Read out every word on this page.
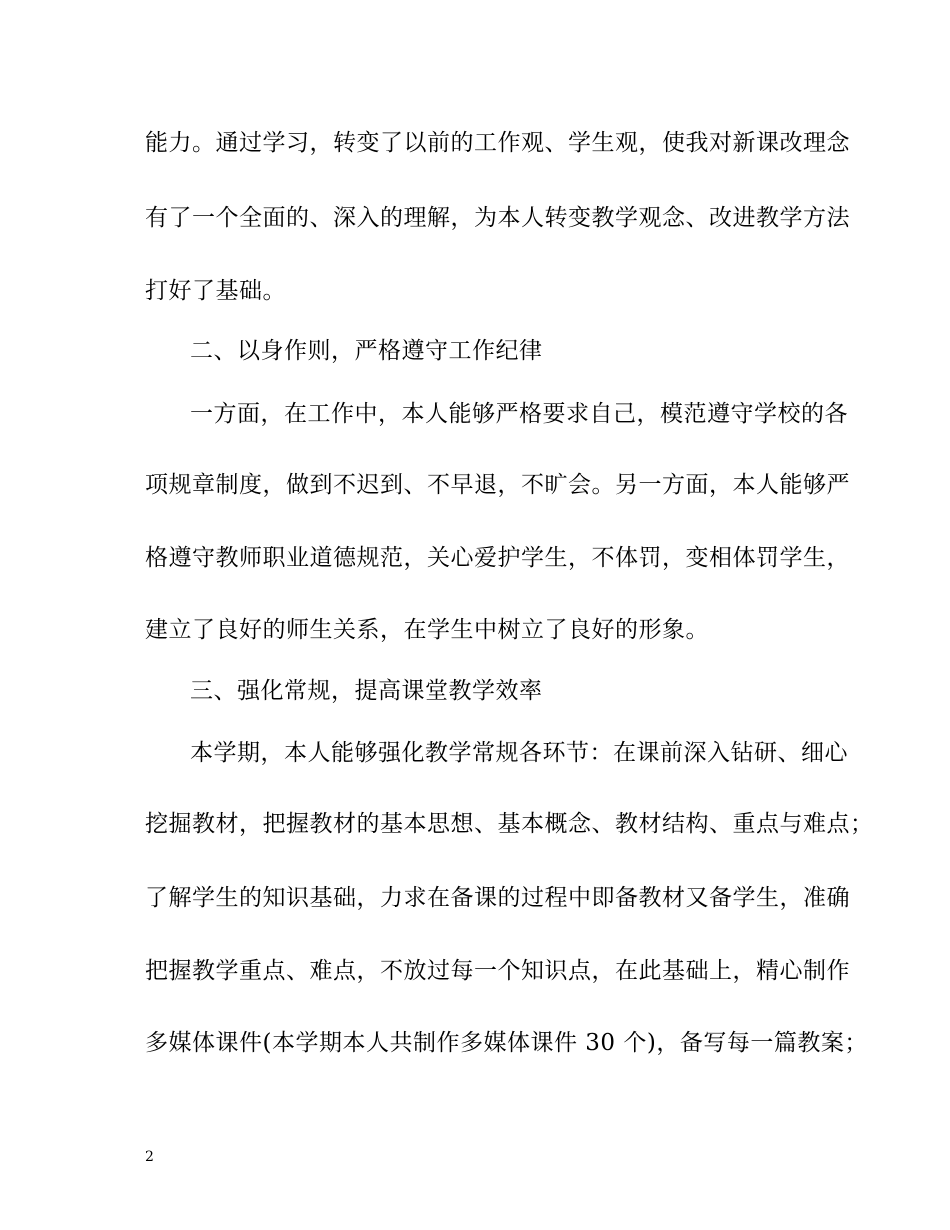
能力。通过学习，转变了以前的工作观、学生观，使我对新课改理念
有了一个全面的、深入的理解，为本人转变教学观念、改进教学方法
打好了基础。
二、以身作则，严格遵守工作纪律
一方面，在工作中，本人能够严格要求自己，模范遵守学校的各
项规章制度，做到不迟到、不早退，不旷会。另一方面，本人能够严
格遵守教师职业道德规范，关心爱护学生，不体罚，变相体罚学生，
建立了良好的师生关系，在学生中树立了良好的形象。
三、强化常规，提高课堂教学效率
本学期，本人能够强化教学常规各环节：在课前深入钻研、细心
挖掘教材，把握教材的基本思想、基本概念、教材结构、重点与难点；
了解学生的知识基础，力求在备课的过程中即备教材又备学生，准确
把握教学重点、难点，不放过每一个知识点，在此基础上，精心制作
多媒体课件(本学期本人共制作多媒体课件 30 个)，备写每一篇教案；
2
